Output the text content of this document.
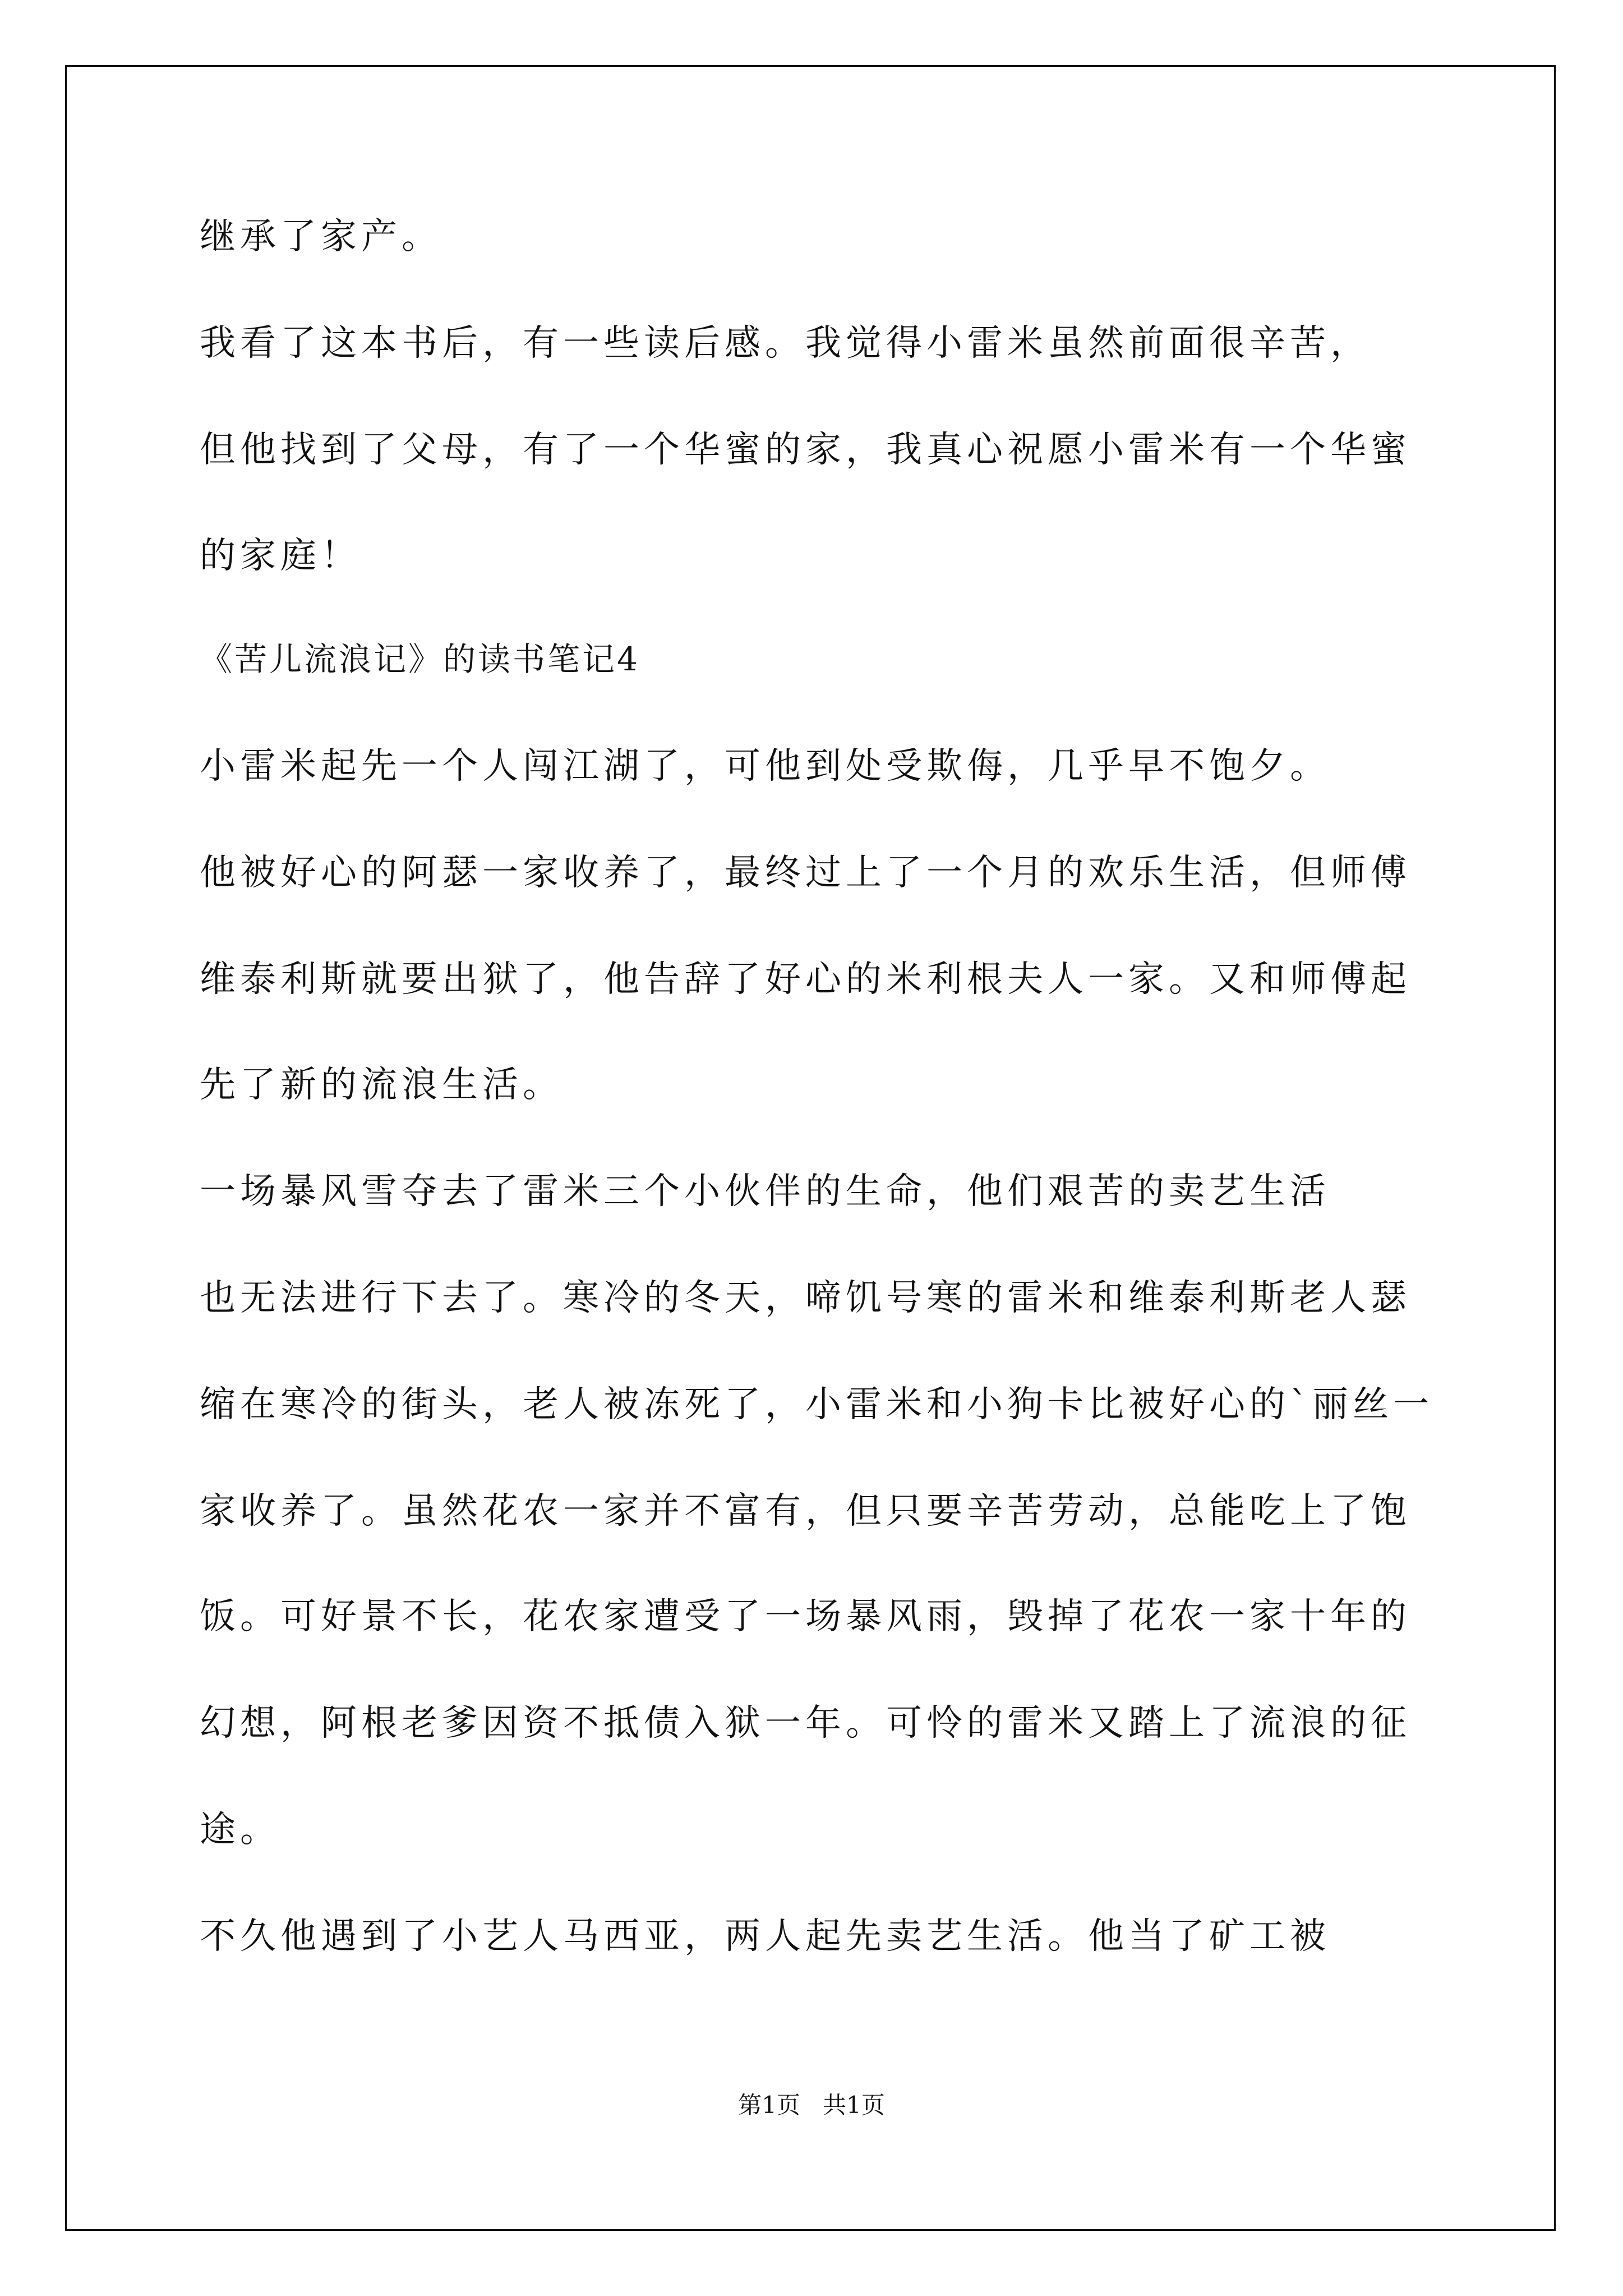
继承了家产。
我看了这本书后，有一些读后感。我觉得小雷米虽然前面很辛苦，
但他找到了父母，有了一个华蜜的家，我真心祝愿小雷米有一个华蜜
的家庭！
《苦儿流浪记》的读书笔记4
小雷米起先一个人闯江湖了，可他到处受欺侮，几乎早不饱夕。
他被好心的阿瑟一家收养了，最终过上了一个月的欢乐生活，但师傅
维泰利斯就要出狱了，他告辞了好心的米利根夫人一家。又和师傅起
先了新的流浪生活。
一场暴风雪夺去了雷米三个小伙伴的生命，他们艰苦的卖艺生活
也无法进行下去了。寒冷的冬天，啼饥号寒的雷米和维泰利斯老人瑟
缩在寒冷的街头，老人被冻死了，小雷米和小狗卡比被好心的`丽丝一
家收养了。虽然花农一家并不富有，但只要辛苦劳动，总能吃上了饱
饭。可好景不长，花农家遭受了一场暴风雨，毁掉了花农一家十年的
幻想，阿根老爹因资不抵债入狱一年。可怜的雷米又踏上了流浪的征
途。
不久他遇到了小艺人马西亚，两人起先卖艺生活。他当了矿工被
第1页   共1页
